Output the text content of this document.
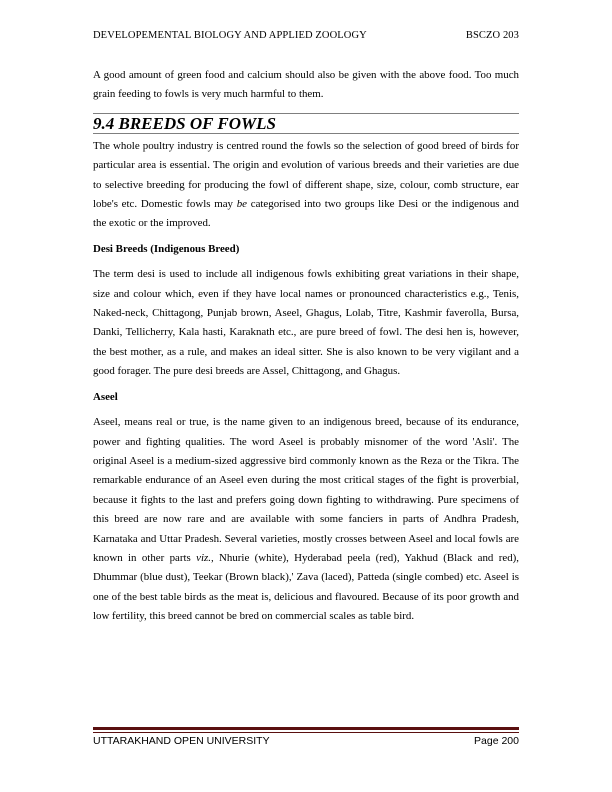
DEVELOPEMENTAL BIOLOGY AND APPLIED ZOOLOGY	BSCZO 203

A good amount of green food and calcium should also be given with the above food. Too much grain feeding to fowls is very much harmful to them.

9.4 BREEDS OF FOWLS

The whole poultry industry is centred round the fowls so the selection of good breed of birds for particular area is essential. The origin and evolution of various breeds and their varieties are due to selective breeding for producing the fowl of different shape, size, colour, comb structure, ear lobe's etc. Domestic fowls may be categorised into two groups like Desi or the indigenous and the exotic or the improved.

Desi Breeds (Indigenous Breed)

The term desi is used to include all indigenous fowls exhibiting great variations in their shape, size and colour which, even if they have local names or pronounced characteristics e.g., Tenis, Naked-neck, Chittagong, Punjab brown, Aseel, Ghagus, Lolab, Titre, Kashmir faverolla, Bursa, Danki, Tellicherry, Kala hasti, Karaknath etc., are pure breed of fowl. The desi hen is, however, the best mother, as a rule, and makes an ideal sitter. She is also known to be very vigilant and a good forager. The pure desi breeds are Assel, Chittagong, and Ghagus.

Aseel

Aseel, means real or true, is the name given to an indigenous breed, because of its endurance, power and fighting qualities. The word Aseel is probably misnomer of the word 'Asli'. The original Aseel is a medium-sized aggressive bird commonly known as the Reza or the Tikra. The remarkable endurance of an Aseel even during the most critical stages of the fight is proverbial, because it fights to the last and prefers going down fighting to withdrawing. Pure specimens of this breed are now rare and are available with some fanciers in parts of Andhra Pradesh, Karnataka and Uttar Pradesh. Several varieties, mostly crosses between Aseel and local fowls are known in other parts viz., Nhurie (white), Hyderabad peela (red), Yakhud (Black and red), Dhummar (blue dust), Teekar (Brown black),' Zava (laced), Patteda (single combed) etc. Aseel is one of the best table birds as the meat is, delicious and flavoured. Because of its poor growth and low fertility, this breed cannot be bred on commercial scales as table bird.

UTTARAKHAND OPEN UNIVERSITY	Page 200
